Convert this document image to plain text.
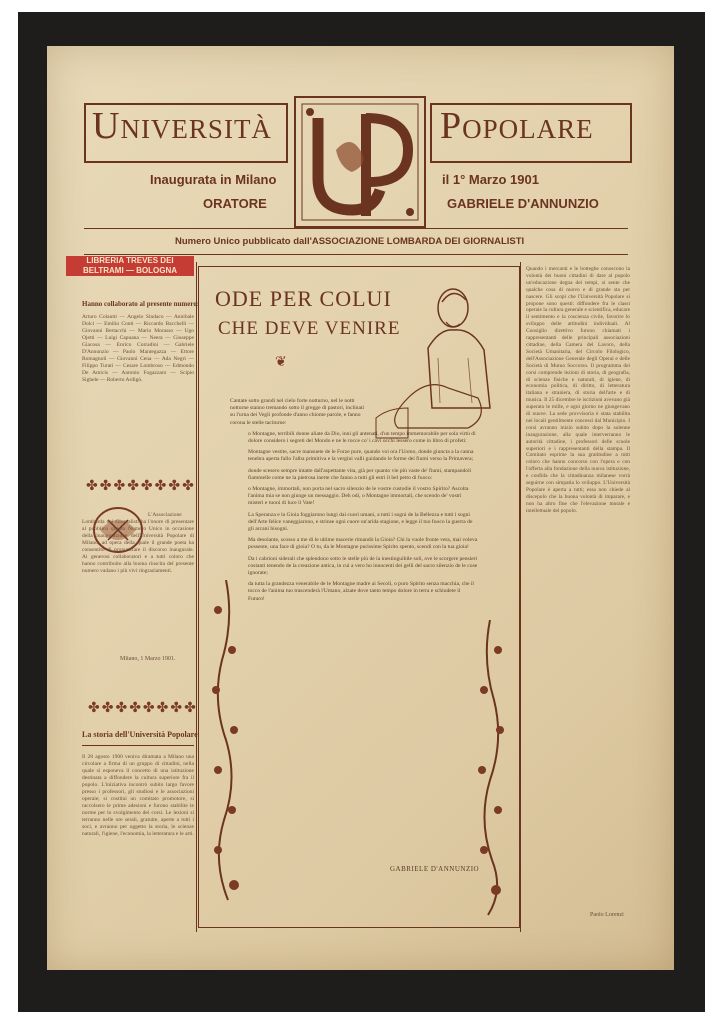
Università	Popolare
Inaugurata in Milano	il 1° Marzo 1901
ORATORE	GABRIELE D'ANNUNZIO
Numero Unico pubblicato dall'ASSOCIAZIONE LOMBARDA DEI GIORNALISTI
LIBRERIA TREVES DEI BELTRAMI — BOLOGNA
Hanno collaborato al presente numero:
Arturo Colautti — Angelo Sindaco — Annibale Dolci — Emilio Conti — Riccardo Bacchelli — Giovanni Bertacchi — Mario Morasso — Ugo Ojetti — Luigi Capuana — Neera — Giuseppe Giacosa — Enrico Corradini — Gabriele D'Annunzio — Paolo Mantegazza — Ettore Romagnoli — Giovanni Cena — Ada Negri — Filippo Turati — Cesare Lombroso — Edmondo De Amicis — Antonio Fogazzaro — Scipio Sighele — Roberto Ardigò.
✤✤✤✤✤✤✤✤
L'Associazione Lombarda dei Giornalisti ha l'onore di presentare al pubblico questo Numero Unico in occasione della inaugurazione dell'Università Popolare di Milano, ad opera della quale il grande poeta ha consentito di pronunciare il discorso inaugurale. Ai generosi collaboratori e a tutti coloro che hanno contribuito alla buona riuscita del presente numero vadano i più vivi ringraziamenti.
Milano, 1 Marzo 1901.
✤✤✤✤✤✤✤✤
La storia dell'Università Popolare
Il 28 agosto 1900 veniva diramata a Milano una circolare a firma di un gruppo di cittadini, nella quale si esponeva il concetto di una istituzione destinata a diffondere la cultura superiore fra il popolo. L'iniziativa incontrò subito largo favore presso i professori, gli studiosi e le associazioni operaie; si costituì un comitato promotore, si raccolsero le prime adesioni e furono stabilite le norme per lo svolgimento dei corsi. Le lezioni si terranno nelle ore serali, gratuite, aperte a tutti i soci, e avranno per oggetto la storia, le scienze naturali, l'igiene, l'economia, la letteratura e le arti.
ODE PER COLUI
CHE DEVE VENIRE
❦

Cantate sotto grandi nel cielo forte notturno, nel le notti notturne stanno tremando sotto il gregge di pastori, inclinati su l'urna dei Vegli profonde d'anno chiome parole, e fanno corona le stelle taciturne:

o Montagne, terribili donne aliate da Dio, inni gli antenati, d'un tempo immemorabile per sola virtù di dolore considero i segreti del Mondo e ne le rocce co' i cavi occhi lessero come in libro di profeti:

Montagne vestite, sacre mansuete de le Forze pure, quando voi ora l'Uomo, donde giuncta a la canna tenebra aperta fallo l'alba primitiva e la vergini valli guidando le forme dei fiumi verso la Primavera;

donde scesero sempre intatte dall'aspettante vita, già per quanto vie più vaste de' fiumi, stampandoli fiammelle come ne la pietrosa inerte che fanno a tutti gli estri il bel petto di fuoco:

o Montagne, immortali, non porta nel sacro silenzio de le vostre custodie il vostro Spirito? Ascolta l'anima mia se non giunge un messaggio. Deh odi, o Montagne immortali, che scendo de' vostri misteri e tuoni di luce il Vate!

La Speranza e la Gioia foggiarono lungi dai cuori umani, a tutti i sogni de la Bellezza e tutti i sogni dell'Arte felice vaneggiarono, e strinse ogni cuore un'arida stagione, e legge il tuo fuoco la guerra de gli arcani bisogni.

Ma desolante, scosso a me di le ultime macerie rimandò la Gioia? Chi la vuole fronte vera, mai voleva possente, una face di gioia? O tu, da le Montagne purissime Spirito spento, scendi con la tua gioia!

Da i cabrioni siderali che splendono sotto le stelle più de la inestinguibile soli, ove le scorgere pensieri costanti tenendo de la creazione antica, in cui a vero ho innocenti dei gelli del sacro silenzio de le cose ignorate;

da tutta la grandezza venerabile de le Montagne madre ai Secoli, o puro Spirito senza macchia, che il tocco de l'anima tuo trascenderà l'Umano, alzate dove tanto tempo dolore in terra e schiudete il Futuro!

GABRIELE D'ANNUNZIO
Quando i mercanti e le botteghe conoscono la volontà dei buoni cittadini di dare al popolo un'educazione degna dei tempi, si sente che qualche cosa di nuovo e di grande sta per nascere. Gli scopi che l'Università Popolare si propone sono questi: diffondere fra le classi operaie la cultura generale e scientifica, educare il sentimento e la coscienza civile, favorire lo sviluppo delle attitudini individuali. Al Consiglio direttivo furono chiamati i rappresentanti delle principali associazioni cittadine, della Camera del Lavoro, della Società Umanitaria, del Circolo Filologico, dell'Associazione Generale degli Operai e delle Società di Mutuo Soccorso. Il programma dei corsi comprende lezioni di storia, di geografia, di scienze fisiche e naturali, di igiene, di economia politica, di diritto, di letteratura italiana e straniera, di storia dell'arte e di musica. Il 25 dicembre le iscrizioni avevano già superato le mille, e ogni giorno ne giungevano di nuove. La sede provvisoria è stata stabilita nei locali gentilmente concessi dal Municipio. I corsi avranno inizio subito dopo la solenne inaugurazione, alla quale interverranno le autorità cittadine, i professori delle scuole superiori e i rappresentanti della stampa. Il Comitato esprime la sua gratitudine a tutti coloro che hanno concorso con l'opera e con l'offerta alla fondazione della nuova istituzione, e confida che la cittadinanza milanese vorrà seguirne con simpatia lo sviluppo. L'Università Popolare è aperta a tutti; essa non chiede al discepolo che la buona volontà di imparare, e non ha altro fine che l'elevazione morale e intellettuale del popolo.
Paolo Lorenzi
